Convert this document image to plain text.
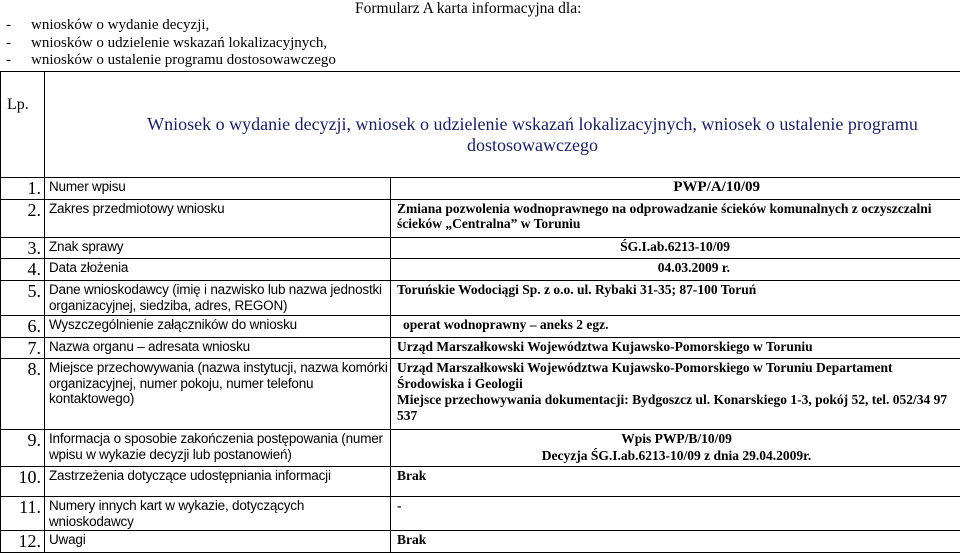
Formularz A karta informacyjna dla:
- wniosków o wydanie decyzji,
- wniosków o udzielenie wskazań lokalizacyjnych,
- wniosków o ustalenie programu dostosowawczego
Lp.	Wniosek o wydanie decyzji, wniosek o udzielenie wskazań lokalizacyjnych, wniosek o ustalenie programu dostosowawczego	

1.	Numer wpisu	PWP/A/10/09

2.	Zakres przedmiotowy wniosku	Zmiana pozwolenia wodnoprawnego na odprowadzanie ścieków komunalnych z oczyszczalni ścieków „Centralna” w Toruniu

3.	Znak sprawy	ŚG.I.ab.6213-10/09

4.	Data złożenia	04.03.2009 r.

5.	Dane wnioskodawcy (imię i nazwisko lub nazwa jednostki organizacyjnej, siedziba, adres, REGON)	Toruńskie Wodociągi Sp. z o.o. ul. Rybaki 31-35; 87-100 Toruń

6.	Wyszczególnienie załączników do wniosku	operat wodnoprawny – aneks 2 egz.

7.	Nazwa organu – adresata wniosku	Urząd Marszałkowski Województwa Kujawsko-Pomorskiego w Toruniu

8.	Miejsce przechowywania (nazwa instytucji, nazwa komórki organizacyjnej, numer pokoju, numer telefonu kontaktowego)	Urząd Marszałkowski Województwa Kujawsko-Pomorskiego w Toruniu Departament Środowiska i Geologii
Miejsce przechowywania dokumentacji: Bydgoszcz ul. Konarskiego 1-3, pokój 52, tel. 052/34 97 537

9.	Informacja o sposobie zakończenia postępowania (numer wpisu w wykazie decyzji lub postanowień)	Wpis PWP/B/10/09
Decyzja ŚG.I.ab.6213-10/09 z dnia 29.04.2009r.

10.	Zastrzeżenia dotyczące udostępniania informacji	Brak

11.	Numery innych kart w wykazie, dotyczących wnioskodawcy	-

12.	Uwagi	Brak
